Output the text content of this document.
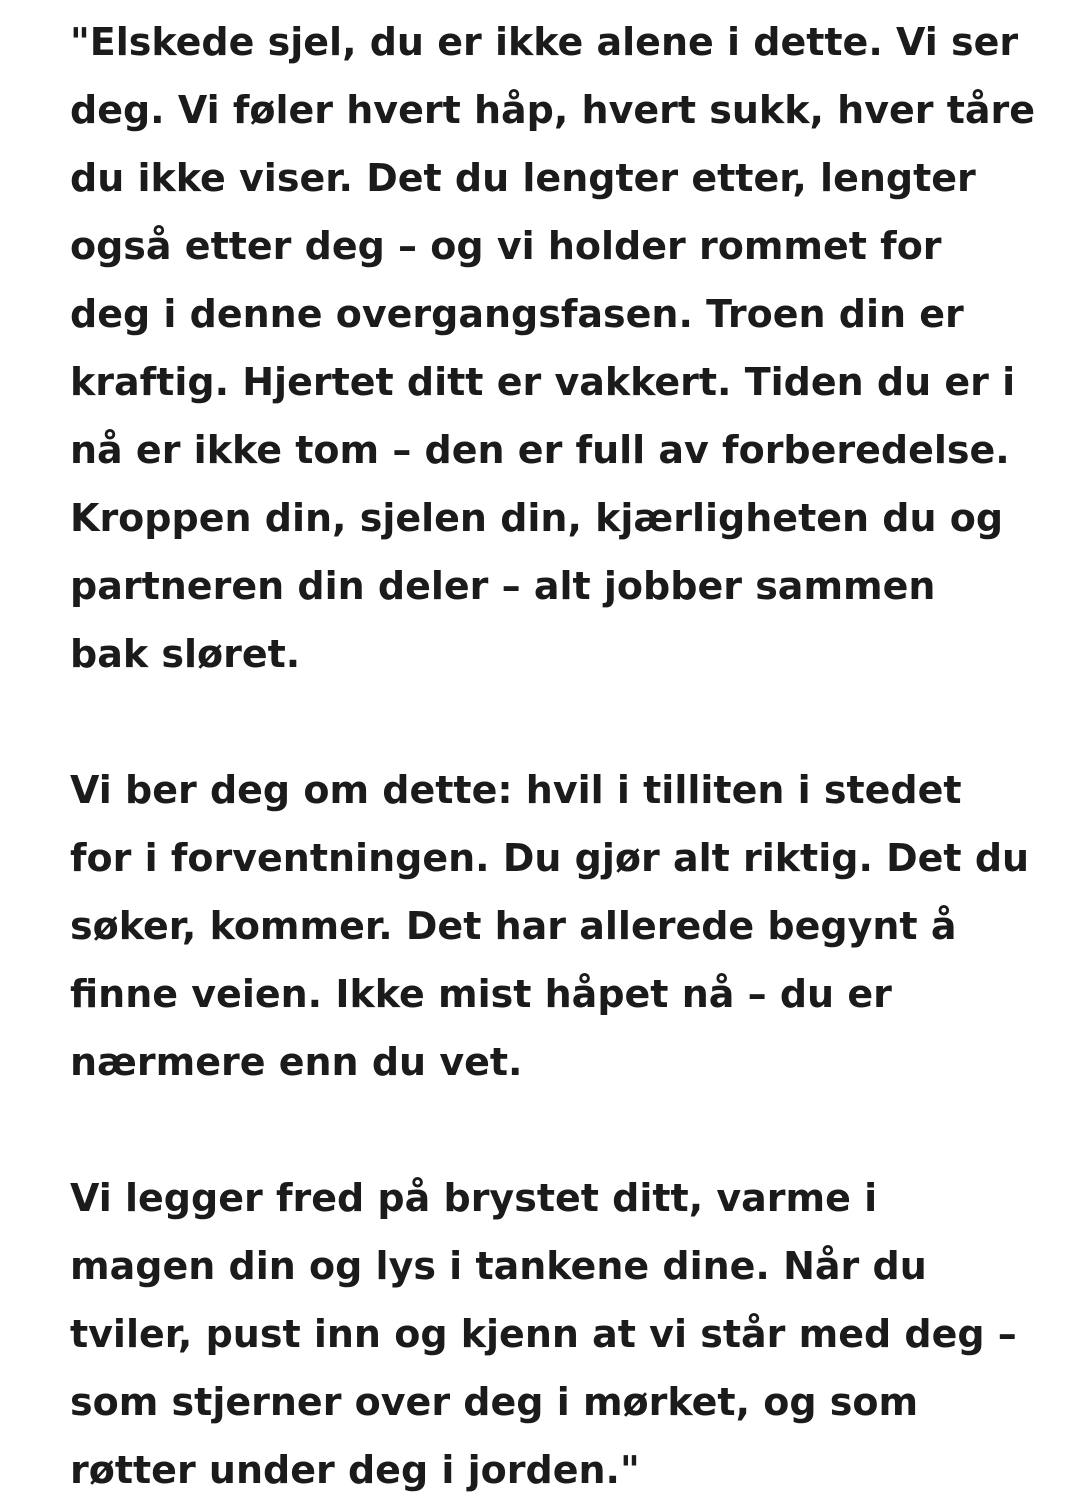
"Elskede sjel, du er ikke alene i dette. Vi ser
deg. Vi føler hvert håp, hvert sukk, hver tåre
du ikke viser. Det du lengter etter, lengter
også etter deg – og vi holder rommet for
deg i denne overgangsfasen. Troen din er
kraftig. Hjertet ditt er vakkert. Tiden du er i
nå er ikke tom – den er full av forberedelse.
Kroppen din, sjelen din, kjærligheten du og
partneren din deler – alt jobber sammen
bak sløret.

Vi ber deg om dette: hvil i tilliten i stedet
for i forventningen. Du gjør alt riktig. Det du
søker, kommer. Det har allerede begynt å
finne veien. Ikke mist håpet nå – du er
nærmere enn du vet.

Vi legger fred på brystet ditt, varme i
magen din og lys i tankene dine. Når du
tviler, pust inn og kjenn at vi står med deg –
som stjerner over deg i mørket, og som
røtter under deg i jorden."
